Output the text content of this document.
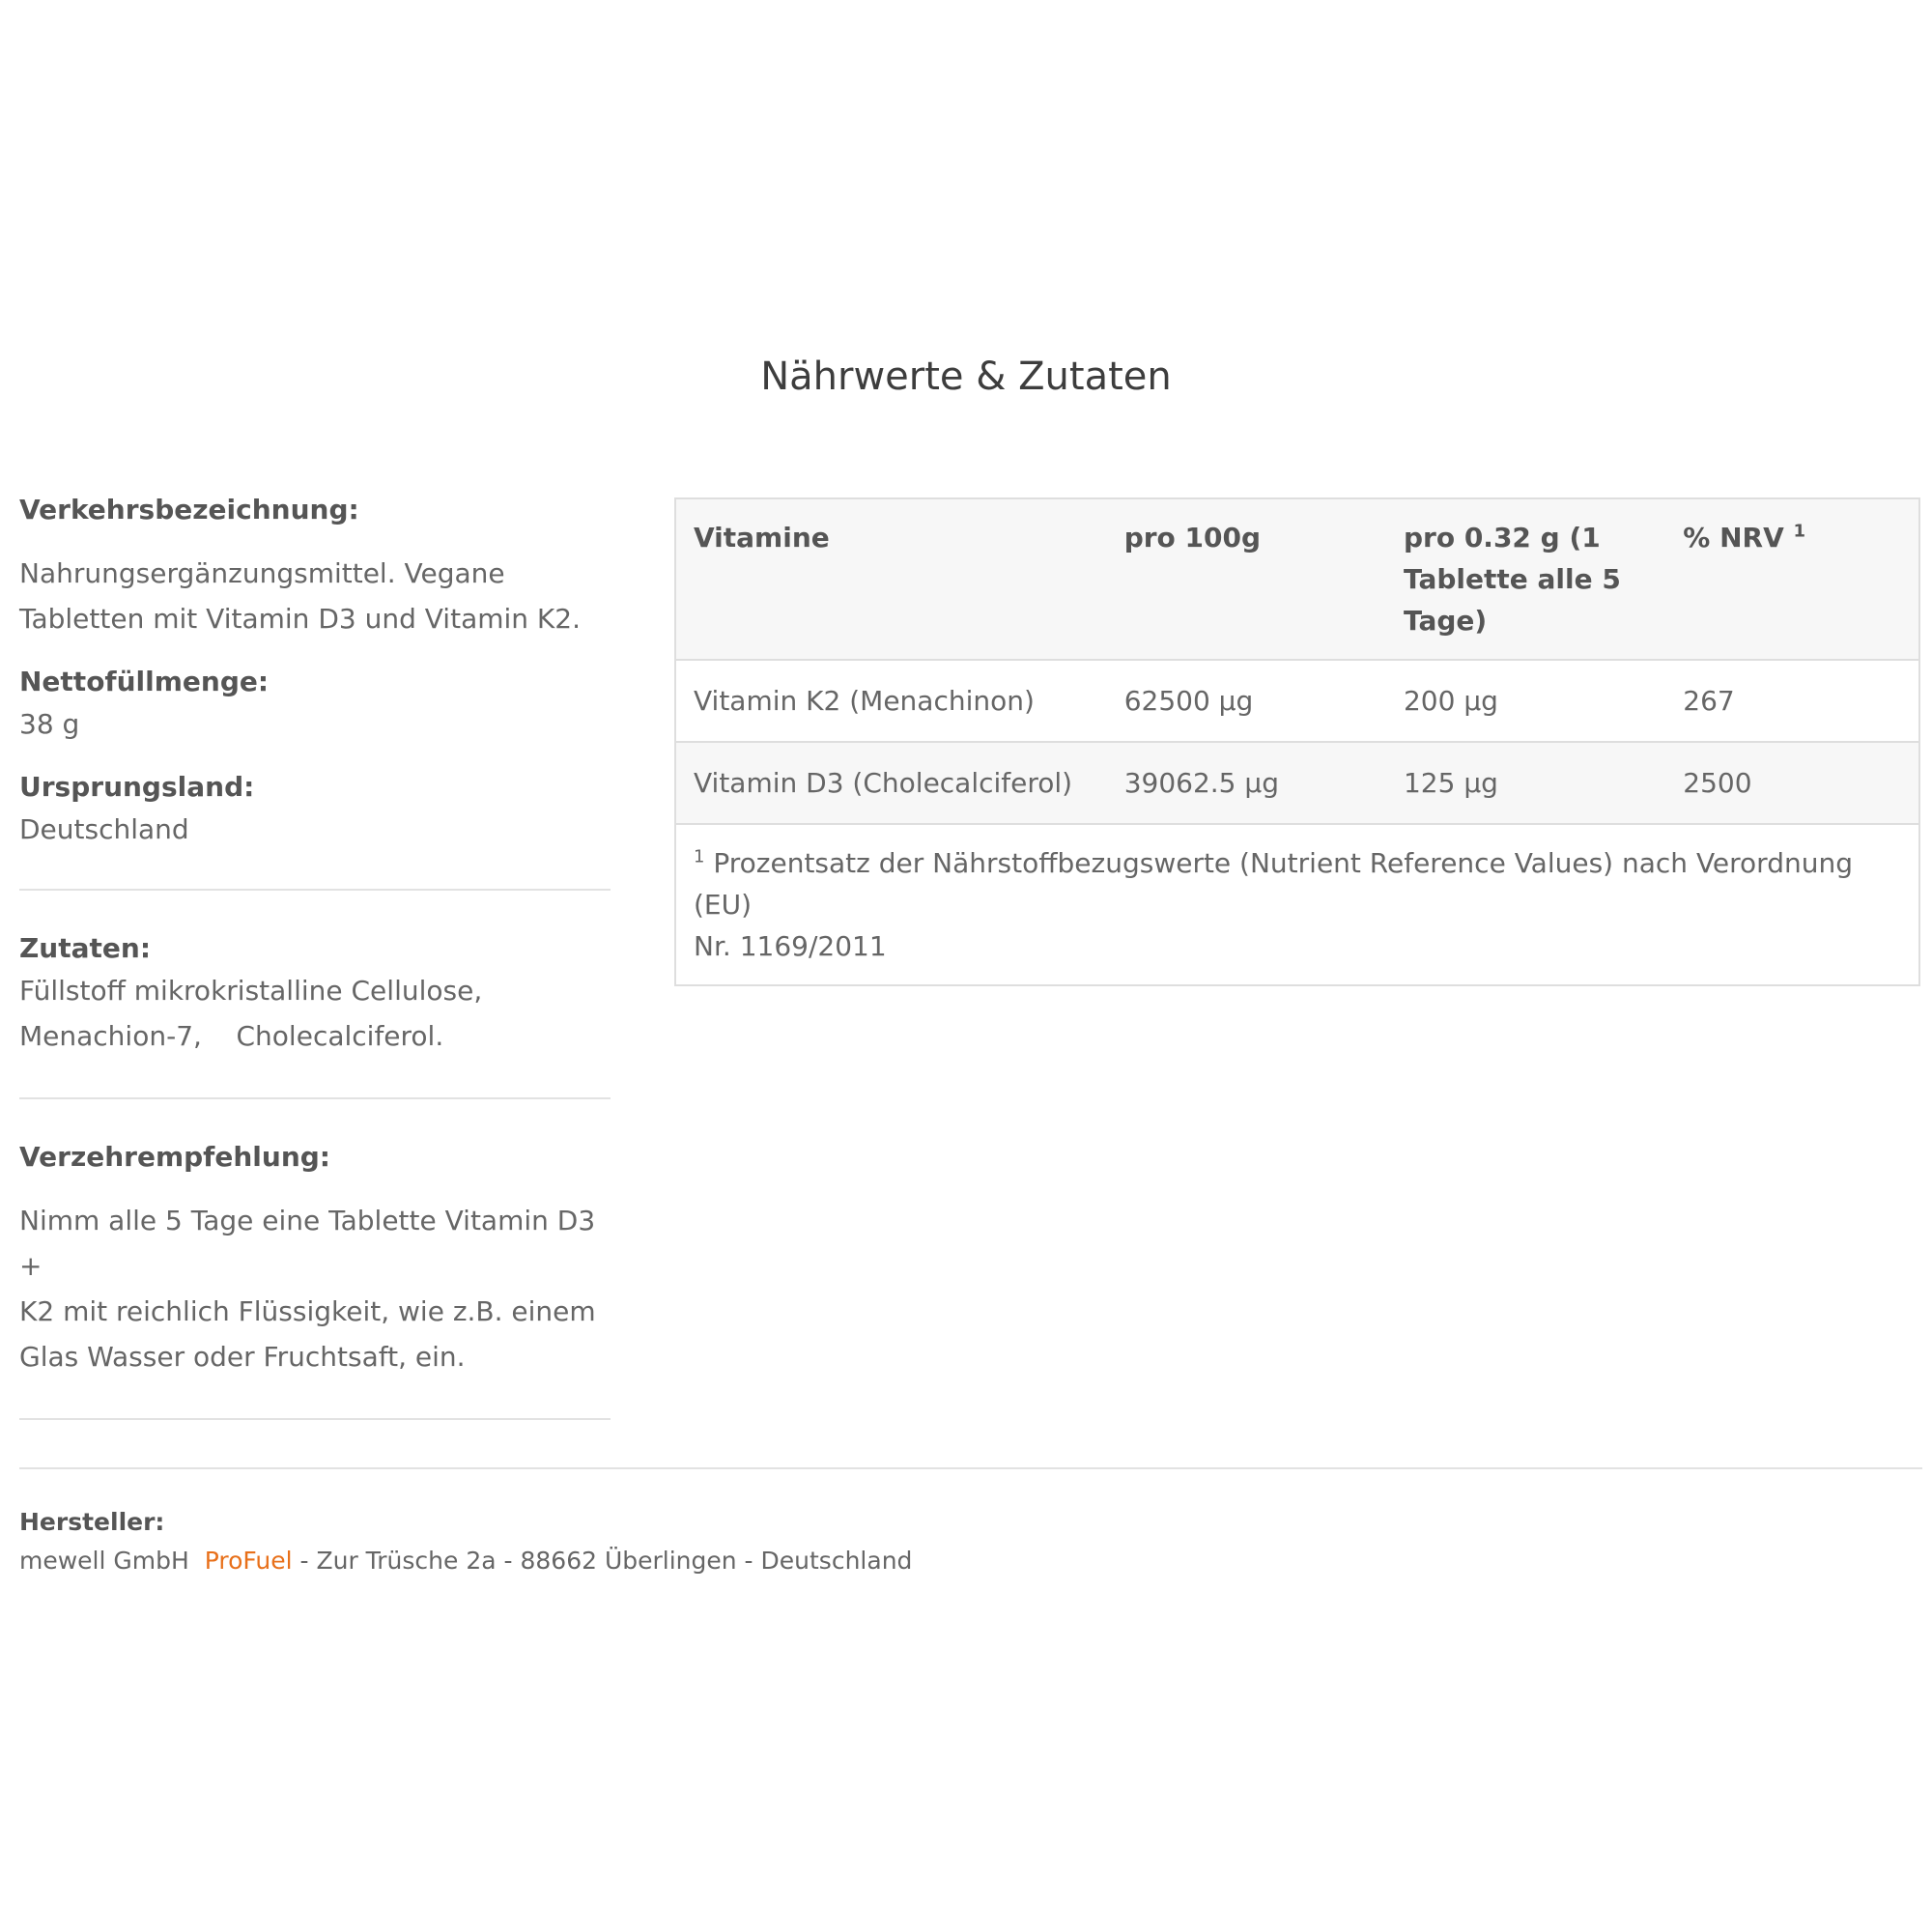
Nährwerte & Zutaten
Verkehrsbezeichnung:
Nahrungsergänzungsmittel. Vegane
Tabletten mit Vitamin D3 und Vitamin K2.
Nettofüllmenge:
38 g
Ursprungsland:
Deutschland
Zutaten:
Füllstoff mikrokristalline Cellulose,
Menachion-7,    Cholecalciferol.
Verzehrempfehlung:
Nimm alle 5 Tage eine Tablette Vitamin D3 +
K2 mit reichlich Flüssigkeit, wie z.B. einem
Glas Wasser oder Fruchtsaft, ein.
Vitamine	pro 100g	pro 0.32 g (1
Tablette alle 5
Tage)	% NRV $^1$
Vitamin K2 (Menachinon)	62500 µg	200 µg	267
Vitamin D3 (Cholecalciferol)	39062.5 µg	125 µg	2500
$^1$ Prozentsatz der Nährstoffbezugswerte (Nutrient Reference Values) nach Verordnung (EU)
Nr. 1169/2011			
Hersteller:
mewell GmbH ProFuel - Zur Trüsche 2a - 88662 Überlingen - Deutschland
